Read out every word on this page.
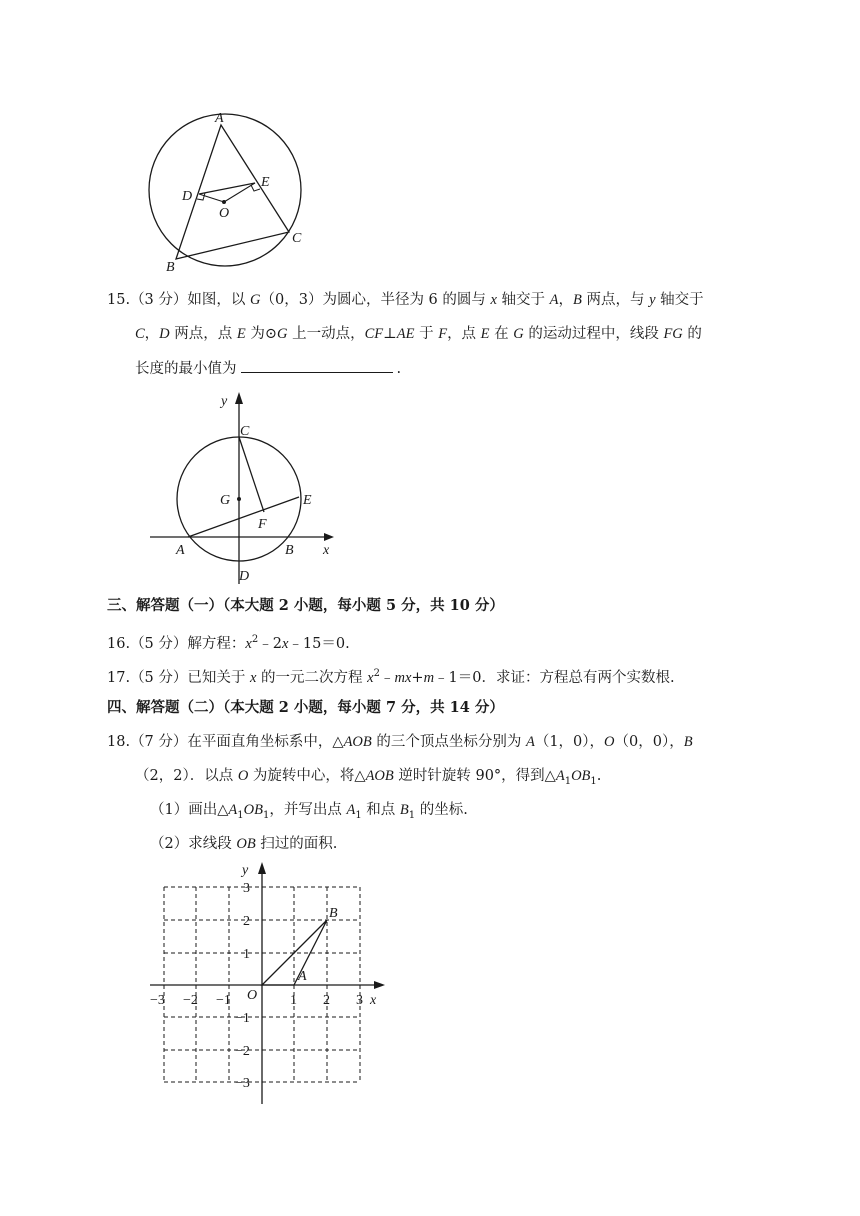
A
D
E
O
C
B
15.（3 分）如图，以 G（0，3）为圆心，半径为 6 的圆与 x 轴交于 A，B 两点，与 y 轴交于
C，D 两点，点 E 为⊙G 上一动点，CF⊥AE 于 F，点 E 在 G 的运动过程中，线段 FG 的
长度的最小值为	.
y
C
G	E
F
A	B x
D
三、解答题（一）（本大题 2 小题，每小题 5 分，共 10 分）
16.（5 分）解方程：$x^2﹣2x﹣15=0$.
17.（5 分）已知关于 x 的一元二次方程 $x^2﹣mx+m﹣1=0$．求证：方程总有两个实数根.
四、解答题（二）（本大题 2 小题，每小题 7 分，共 14 分）
18.（7 分）在平面直角坐标系中，△AOB 的三个顶点坐标分别为 A（1，0），O（0，0），B
（2，2）．以点 O 为旋转中心，将△AOB 逆时针旋转 90°，得到$\triangle A_1OB_1$.
（1）画出$\triangle A_1OB_1$，并写出点 $A_1$ 和点 $B_1$ 的坐标.
（2）求线段 OB 扫过的面积.
y
x
O
A
B
−3 −2 −1	1 2 3
3
2
1
−1
−2
−3
